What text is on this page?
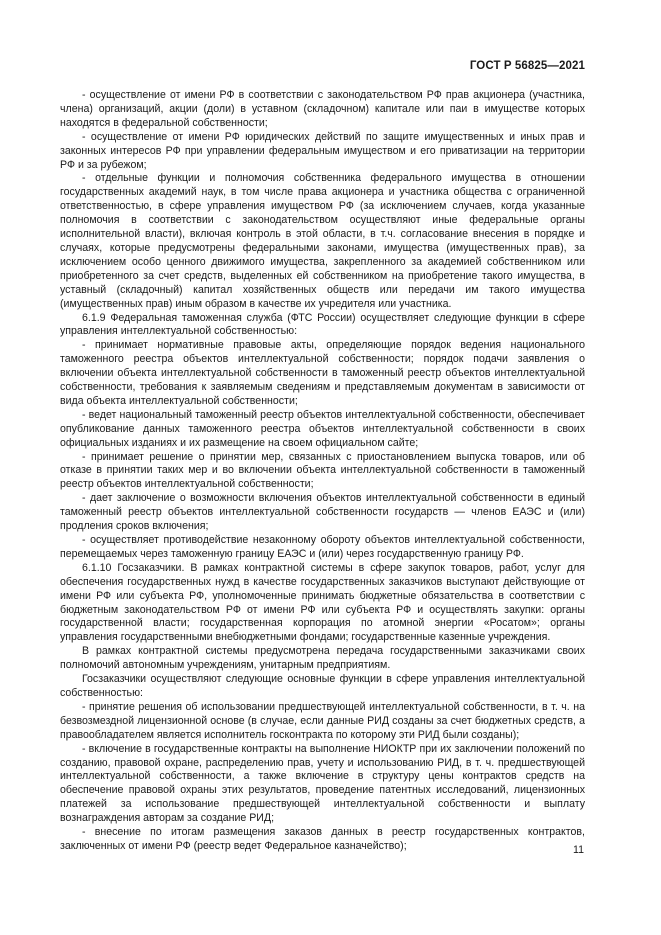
ГОСТ Р 56825—2021

- осуществление от имени РФ в соответствии с законодательством РФ прав акционера (участника, члена) организаций, акции (доли) в уставном (складочном) капитале или паи в имуществе которых находятся в федеральной собственности;

- осуществление от имени РФ юридических действий по защите имущественных и иных прав и законных интересов РФ при управлении федеральным имуществом и его приватизации на территории РФ и за рубежом;

- отдельные функции и полномочия собственника федерального имущества в отношении государственных академий наук, в том числе права акционера и участника общества с ограниченной ответственностью, в сфере управления имуществом РФ (за исключением случаев, когда указанные полномочия в соответствии с законодательством осуществляют иные федеральные органы исполнительной власти), включая контроль в этой области, в т.ч. согласование внесения в порядке и случаях, которые предусмотрены федеральными законами, имущества (имущественных прав), за исключением особо ценного движимого имущества, закрепленного за академией собственником или приобретенного за счет средств, выделенных ей собственником на приобретение такого имущества, в уставный (складочный) капитал хозяйственных обществ или передачи им такого имущества (имущественных прав) иным образом в качестве их учредителя или участника.

6.1.9 Федеральная таможенная служба (ФТС России) осуществляет следующие функции в сфере управления интеллектуальной собственностью:

- принимает нормативные правовые акты, определяющие порядок ведения национального таможенного реестра объектов интеллектуальной собственности; порядок подачи заявления о включении объекта интеллектуальной собственности в таможенный реестр объектов интеллектуальной собственности, требования к заявляемым сведениям и представляемым документам в зависимости от вида объекта интеллектуальной собственности;

- ведет национальный таможенный реестр объектов интеллектуальной собственности, обеспечивает опубликование данных таможенного реестра объектов интеллектуальной собственности в своих официальных изданиях и их размещение на своем официальном сайте;

- принимает решение о принятии мер, связанных с приостановлением выпуска товаров, или об отказе в принятии таких мер и во включении объекта интеллектуальной собственности в таможенный реестр объектов интеллектуальной собственности;

- дает заключение о возможности включения объектов интеллектуальной собственности в единый таможенный реестр объектов интеллектуальной собственности государств — членов ЕАЭС и (или) продления сроков включения;

- осуществляет противодействие незаконному обороту объектов интеллектуальной собственности, перемещаемых через таможенную границу ЕАЭС и (или) через государственную границу РФ.

6.1.10 Госзаказчики. В рамках контрактной системы в сфере закупок товаров, работ, услуг для обеспечения государственных нужд в качестве государственных заказчиков выступают действующие от имени РФ или субъекта РФ, уполномоченные принимать бюджетные обязательства в соответствии с бюджетным законодательством РФ от имени РФ или субъекта РФ и осуществлять закупки: органы государственной власти; государственная корпорация по атомной энергии «Росатом»; органы управления государственными внебюджетными фондами; государственные казенные учреждения.

В рамках контрактной системы предусмотрена передача государственными заказчиками своих полномочий автономным учреждениям, унитарным предприятиям.

Госзаказчики осуществляют следующие основные функции в сфере управления интеллектуальной собственностью:

- принятие решения об использовании предшествующей интеллектуальной собственности, в т. ч. на безвозмездной лицензионной основе (в случае, если данные РИД созданы за счет бюджетных средств, а правообладателем является исполнитель госконтракта по которому эти РИД были созданы);

- включение в государственные контракты на выполнение НИОКТР при их заключении положений по созданию, правовой охране, распределению прав, учету и использованию РИД, в т. ч. предшествующей интеллектуальной собственности, а также включение в структуру цены контрактов средств на обеспечение правовой охраны этих результатов, проведение патентных исследований, лицензионных платежей за использование предшествующей интеллектуальной собственности и выплату вознаграждения авторам за создание РИД;

- внесение по итогам размещения заказов данных в реестр государственных контрактов, заключенных от имени РФ (реестр ведет Федеральное казначейство);	11
